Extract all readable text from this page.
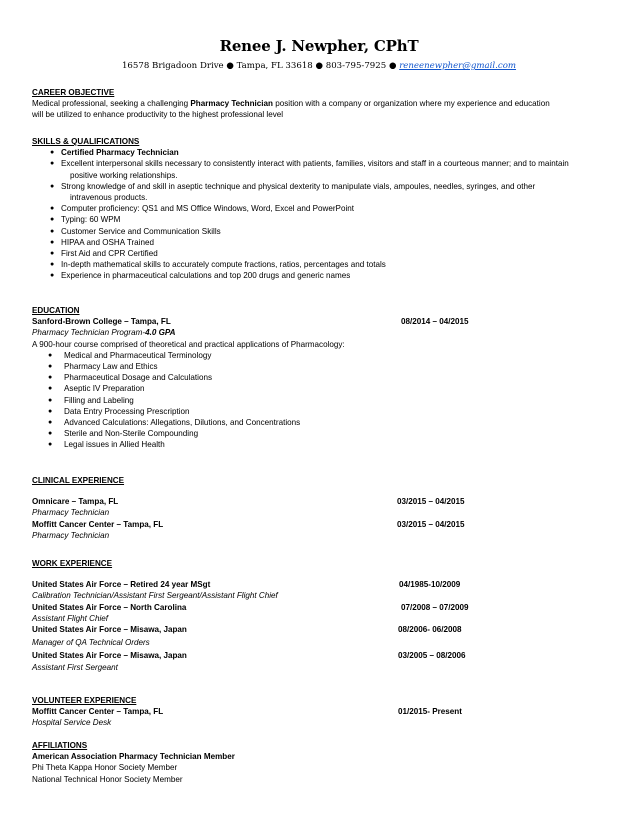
Renee J. Newpher, CPhT
16578 Brigadoon Drive ● Tampa, FL 33618 ● 803-795-7925 ● reneenewpher@gmail.com
CAREER OBJECTIVE
Medical professional, seeking a challenging Pharmacy Technician position with a company or organization where my experience and education
will be utilized to enhance productivity to the highest professional level
SKILLS & QUALIFICATIONS
● Certified Pharmacy Technician
● Excellent interpersonal skills necessary to consistently interact with patients, families, visitors and staff in a courteous manner; and to maintain
positive working relationships.
● Strong knowledge of and skill in aseptic technique and physical dexterity to manipulate vials, ampoules, needles, syringes, and other
intravenous products.
● Computer proficiency: QS1 and MS Office Windows, Word, Excel and PowerPoint
● Typing: 60 WPM
● Customer Service and Communication Skills
● HIPAA and OSHA Trained
● First Aid and CPR Certified
● In-depth mathematical skills to accurately compute fractions, ratios, percentages and totals
● Experience in pharmaceutical calculations and top 200 drugs and generic names
EDUCATION
Sanford-Brown College – Tampa, FL	08/2014 – 04/2015
Pharmacy Technician Program-4.0 GPA
A 900-hour course comprised of theoretical and practical applications of Pharmacology:
● Medical and Pharmaceutical Terminology
● Pharmacy Law and Ethics
● Pharmaceutical Dosage and Calculations
● Aseptic IV Preparation
● Filling and Labeling
● Data Entry Processing Prescription
● Advanced Calculations: Allegations, Dilutions, and Concentrations
● Sterile and Non-Sterile Compounding
● Legal issues in Allied Health
CLINICAL EXPERIENCE
Omnicare – Tampa, FL	03/2015 – 04/2015
Pharmacy Technician
Moffitt Cancer Center – Tampa, FL	03/2015 – 04/2015
Pharmacy Technician
WORK EXPERIENCE
United States Air Force – Retired 24 year MSgt	04/1985-10/2009
Calibration Technician/Assistant First Sergeant/Assistant Flight Chief
United States Air Force – North Carolina	07/2008 – 07/2009
Assistant Flight Chief
United States Air Force – Misawa, Japan	08/2006- 06/2008
Manager of QA Technical Orders
United States Air Force – Misawa, Japan	03/2005 – 08/2006
Assistant First Sergeant
VOLUNTEER EXPERIENCE
Moffitt Cancer Center – Tampa, FL	01/2015- Present
Hospital Service Desk
AFFILIATIONS
American Association Pharmacy Technician Member
Phi Theta Kappa Honor Society Member
National Technical Honor Society Member
